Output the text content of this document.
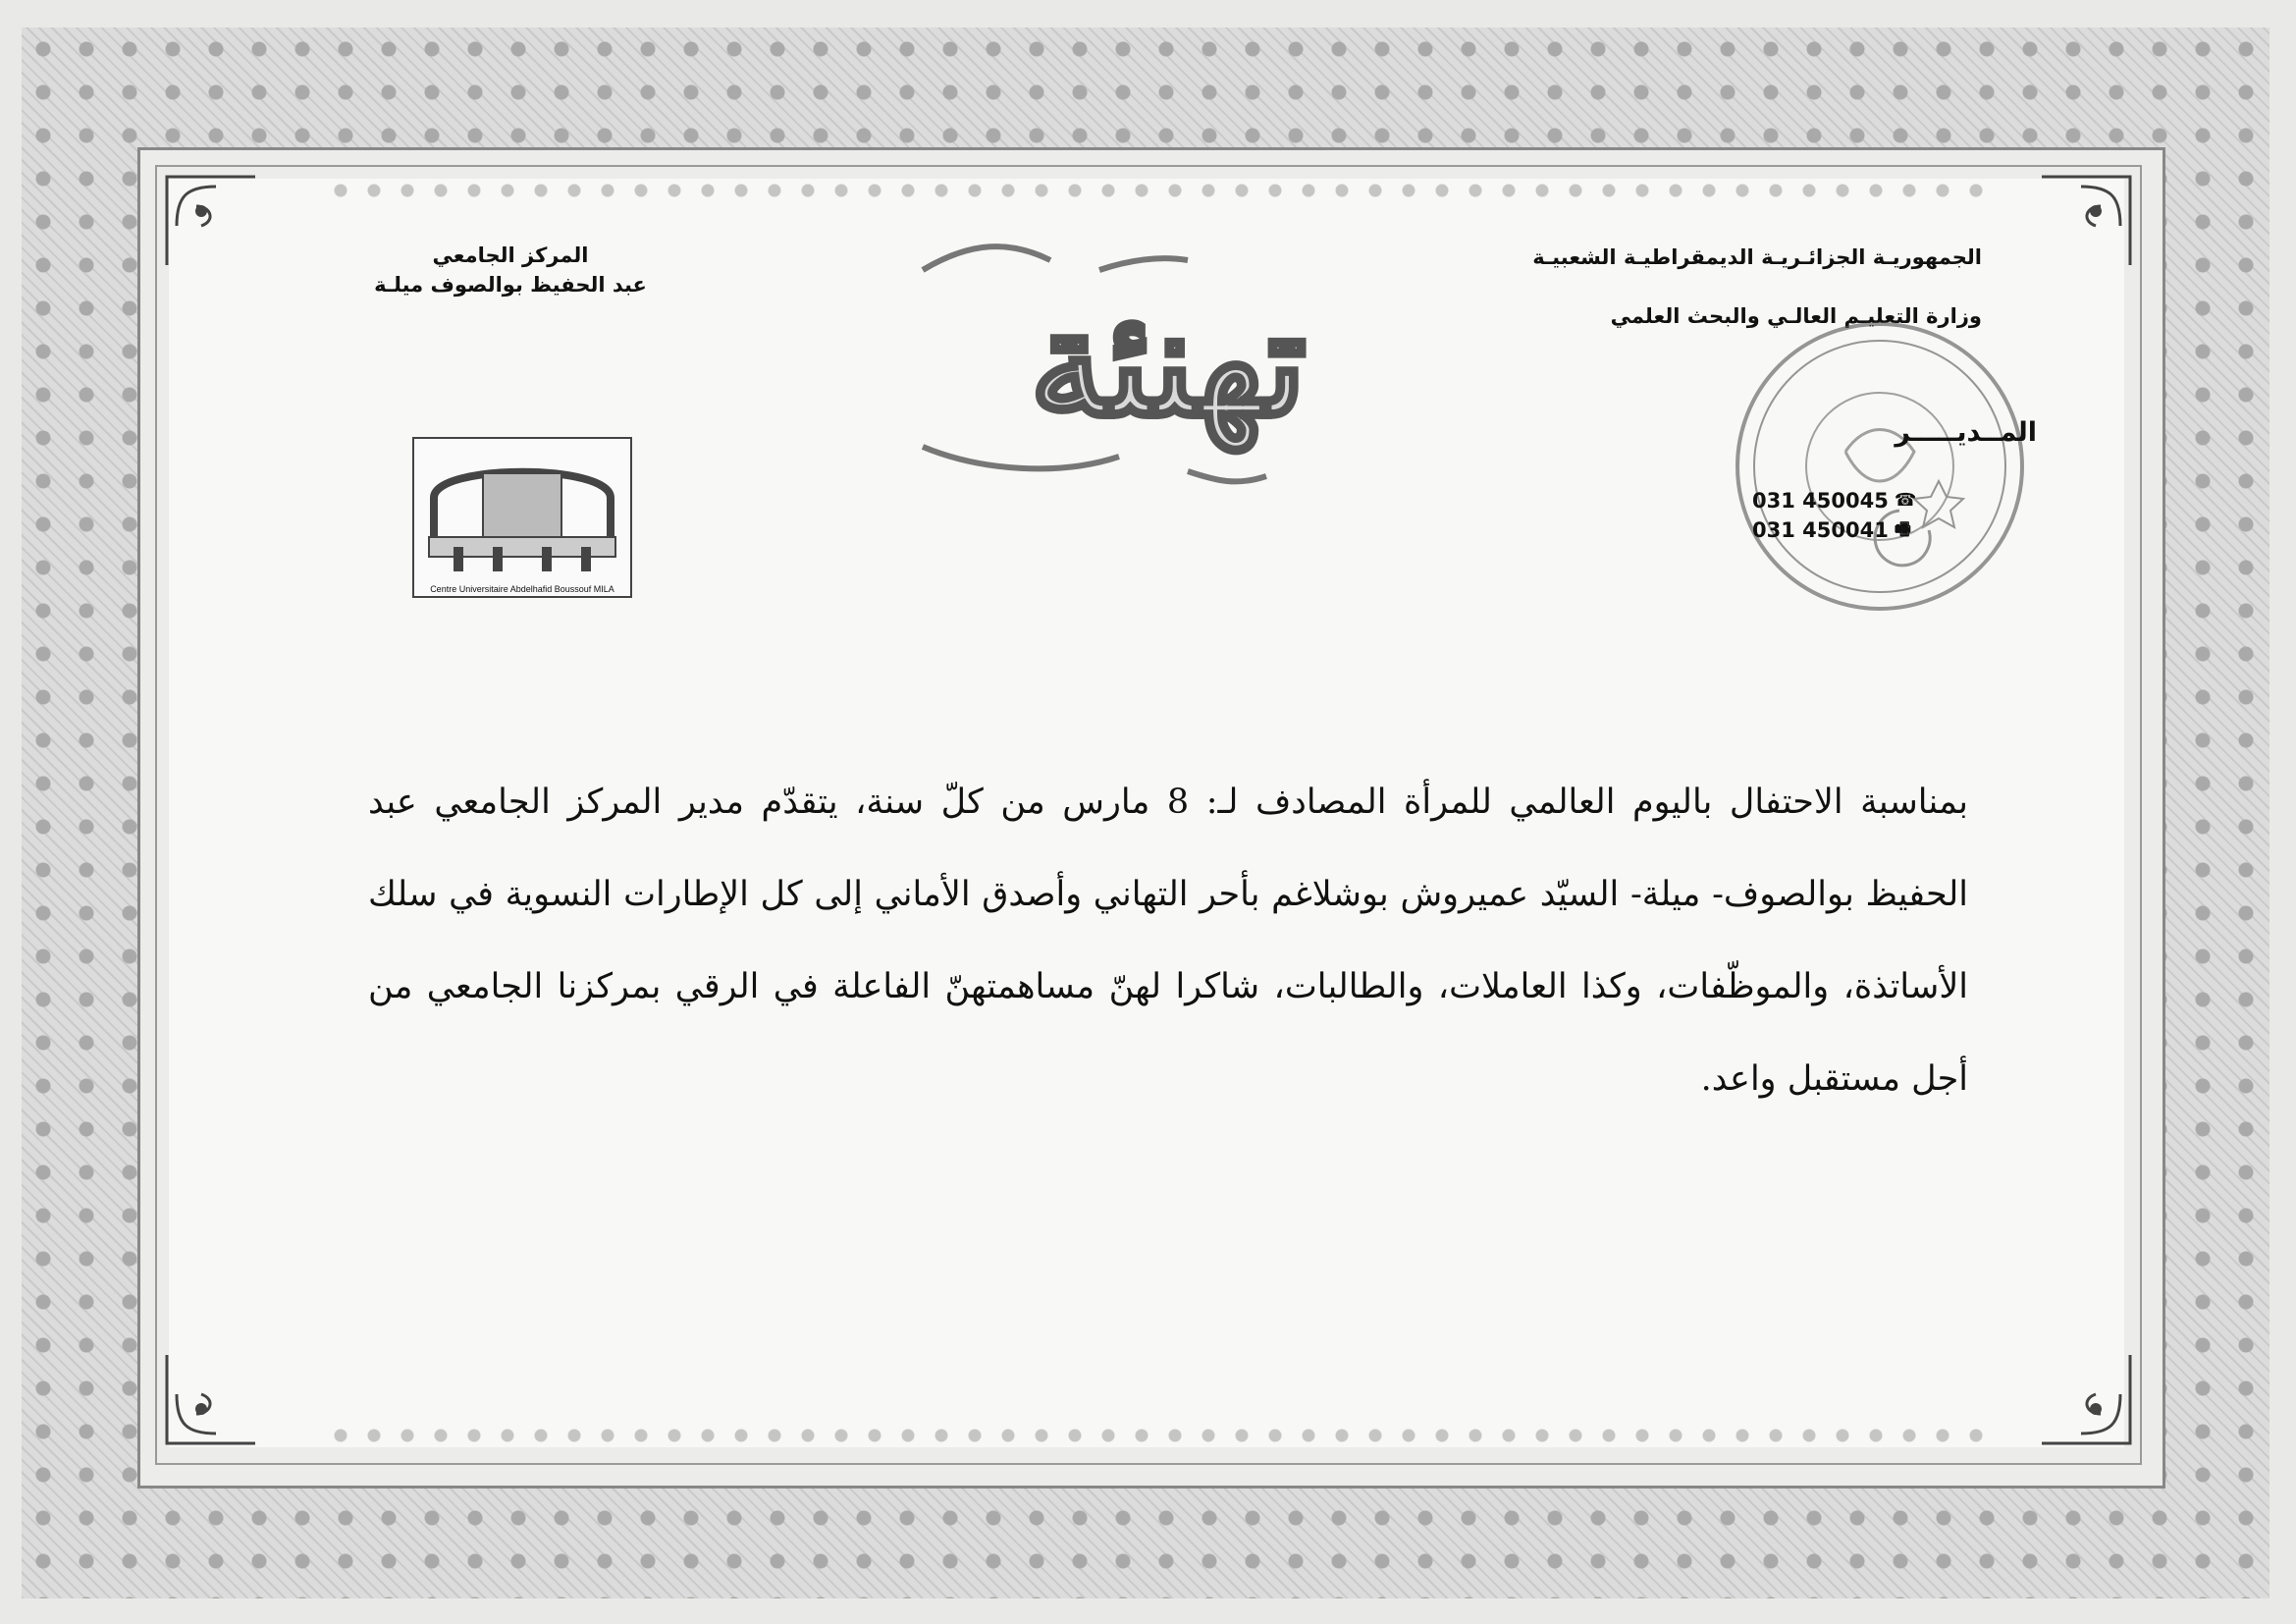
الجمهوريـة الجزائـريـة الديمقراطيـة الشعبيـة
وزارة التعليـم العالـي والبحث العلمي
المركز الجامعي
عبد الحفيظ بوالصوف ميلـة
المــديـــــر
031 450045 ☎
031 450041 🖷
تهنئة
Centre Universitaire Abdelhafid Boussouf MILA
بمناسبة الاحتفال باليوم العالمي للمرأة المصادف لـ: 8 مارس من كلّ سنة، يتقدّم مدير المركز الجامعي عبد الحفيظ بوالصوف- ميلة- السيّد عميروش بوشلاغم بأحر التهاني وأصدق الأماني إلى كل الإطارات النسوية في سلك الأساتذة، والموظّفات، وكذا العاملات، والطالبات، شاكرا لهنّ مساهمتهنّ الفاعلة في الرقي بمركزنا الجامعي من أجل مستقبل واعد.
